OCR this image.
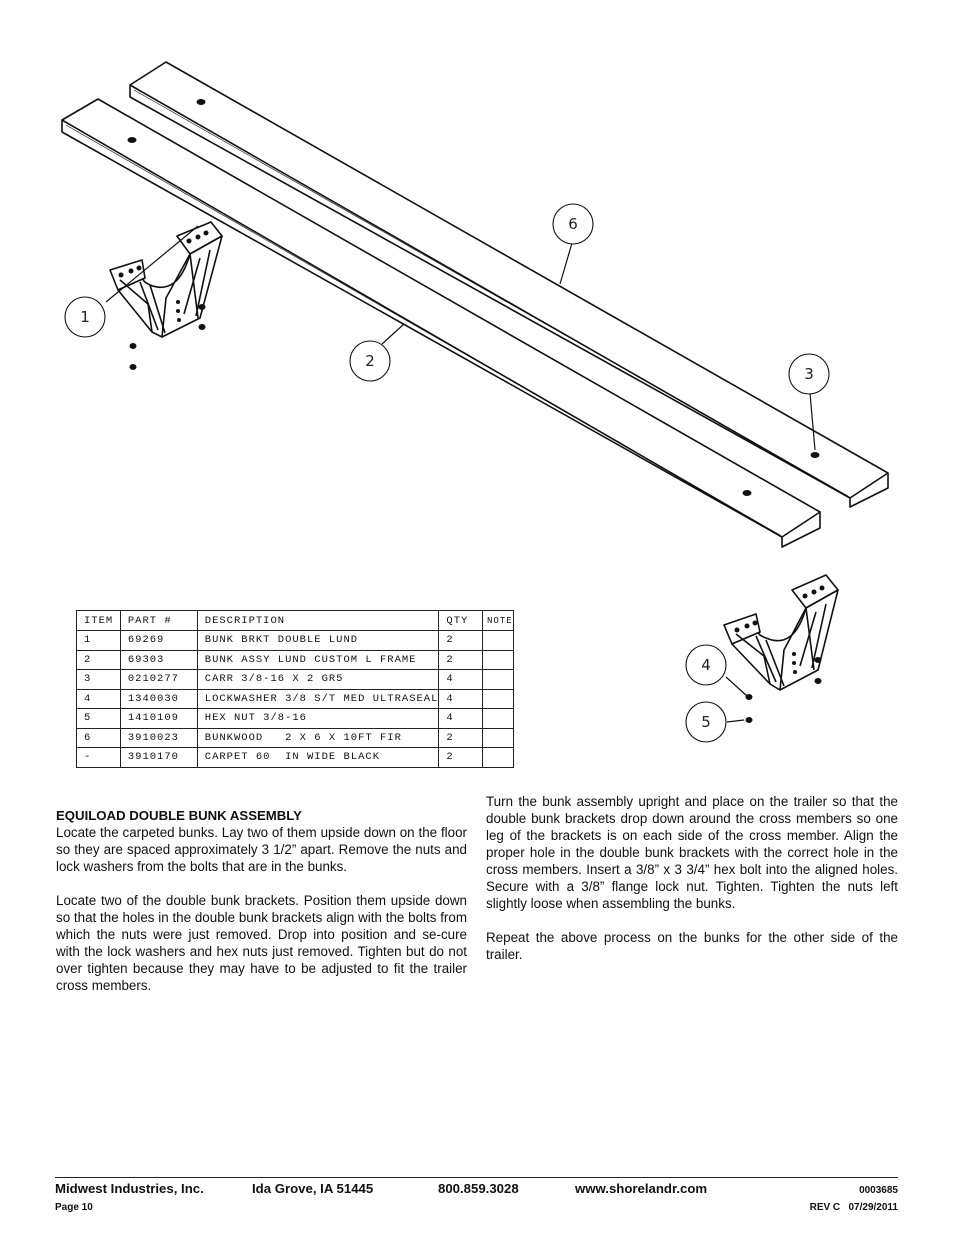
1
2
6
3
4
5
ITEM	PART #	DESCRIPTION	QTY	NOTE
1	69269	BUNK BRKT DOUBLE LUND	2	
2	69303	BUNK ASSY LUND CUSTOM L FRAME	2	
3	0210277	CARR 3/8-16 X 2 GR5	4	
4	1340030	LOCKWASHER 3/8 S/T MED ULTRASEAL	4	
5	1410109	HEX NUT 3/8-16	4	
6	3910023	BUNKWOOD   2 X 6 X 10FT FIR	2	
-	3910170	CARPET 60  IN WIDE BLACK	2	
EQUILOAD DOUBLE BUNK ASSEMBLY

Locate the carpeted bunks. Lay two of them upside down on the floor so they are spaced approximately 3 1/2” apart. Remove the nuts and lock washers from the bolts that are in the bunks.

Locate two of the double bunk brackets. Position them upside down so that the holes in the double bunk brackets align with the bolts from which the nuts were just removed. Drop into position and se-cure with the lock washers and hex nuts just removed. Tighten but do not over tighten because they may have to be adjusted to fit the trailer cross members.

Turn the bunk assembly upright and place on the trailer so that the double bunk brackets drop down around the cross members so one leg of the brackets is on each side of the cross member. Align the proper hole in the double bunk brackets with the correct hole in the cross members. Insert a 3/8” x 3 3/4” hex bolt into the aligned holes. Secure with a 3/8” flange lock nut. Tighten. Tighten the nuts left slightly loose when assembling the bunks.

Repeat the above process on the bunks for the other side of the trailer.

Midwest Industries, Inc.	Ida Grove, IA 51445	800.859.3028	www.shorelandr.com	0003685
Page 10	REV C   07/29/2011
